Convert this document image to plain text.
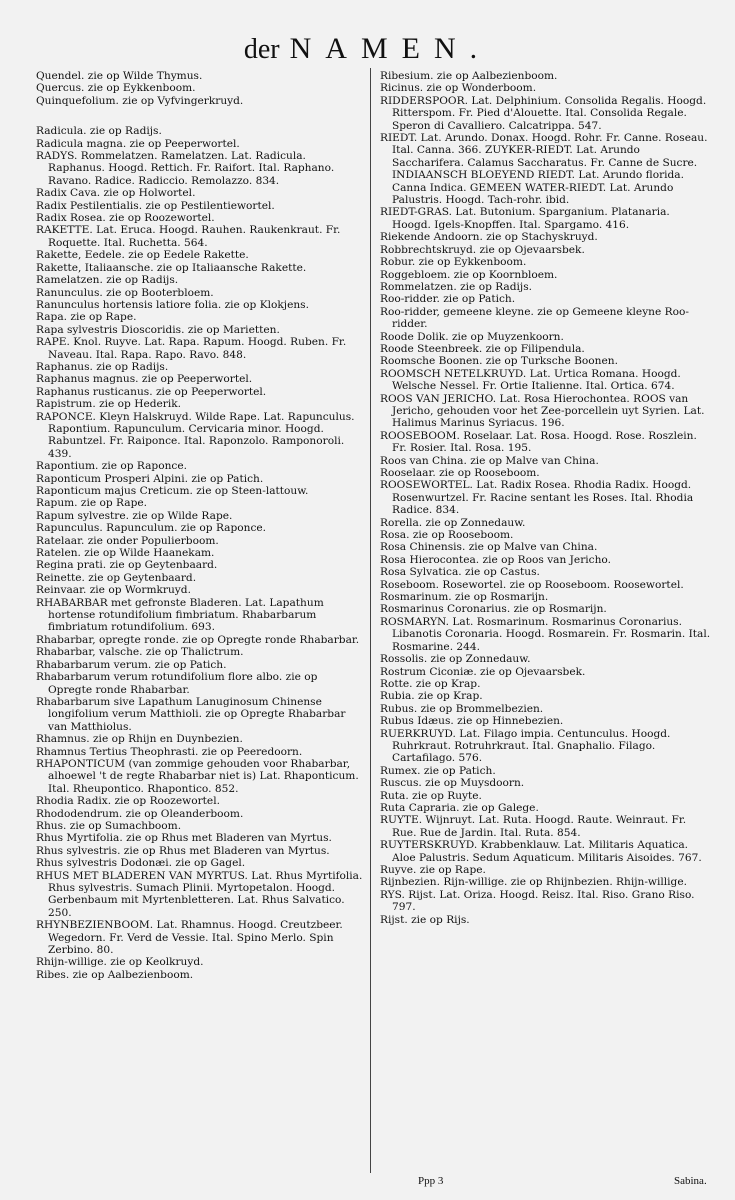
der NAMEN.

Quendel. zie op Wilde Thymus.

Quercus. zie op Eykkenboom.

Quinquefolium. zie op Vyfvingerkruyd.

Radicula. zie op Radijs.

Radicula magna. zie op Peeperwortel.

RADYS. Rommelatzen. Ramelatzen. Lat. Radicula. Raphanus. Hoogd. Rettich. Fr. Raifort. Ital. Raphano. Ravano. Radice. Radiccio. Remolazzo. 834.

Radix Cava. zie op Holwortel.

Radix Pestilentialis. zie op Pestilentiewortel.

Radix Rosea. zie op Roozewortel.

RAKETTE. Lat. Eruca. Hoogd. Rauhen. Raukenkraut. Fr. Roquette. Ital. Ruchetta. 564.

Rakette, Eedele. zie op Eedele Rakette.

Rakette, Italiaansche. zie op Italiaansche Rakette.

Ramelatzen. zie op Radijs.

Ranunculus. zie op Booterbloem.

Ranunculus hortensis latiore folia. zie op Klokjens.

Rapa. zie op Rape.

Rapa sylvestris Dioscoridis. zie op Marietten.

RAPE. Knol. Ruyve. Lat. Rapa. Rapum. Hoogd. Ruben. Fr. Naveau. Ital. Rapa. Rapo. Ravo. 848.

Raphanus. zie op Radijs.

Raphanus magnus. zie op Peeperwortel.

Raphanus rusticanus. zie op Peeperwortel.

Rapistrum. zie op Hederik.

RAPONCE. Kleyn Halskruyd. Wilde Rape. Lat. Rapunculus. Rapontium. Rapunculum. Cervicaria minor. Hoogd. Rabuntzel. Fr. Raiponce. Ital. Raponzolo. Ramponoroli. 439.

Rapontium. zie op Raponce.

Raponticum Prosperi Alpini. zie op Patich.

Raponticum majus Creticum. zie op Steen-lattouw.

Rapum. zie op Rape.

Rapum sylvestre. zie op Wilde Rape.

Rapunculus. Rapunculum. zie op Raponce.

Ratelaar. zie onder Populierboom.

Ratelen. zie op Wilde Haanekam.

Regina prati. zie op Geytenbaard.

Reinette. zie op Geytenbaard.

Reinvaar. zie op Wormkruyd.

RHABARBAR met gefronste Bladeren. Lat. Lapathum hortense rotundifolium fimbriatum. Rhabarbarum fimbriatum rotundifolium. 693.

Rhabarbar, opregte ronde. zie op Opregte ronde Rhabarbar.

Rhabarbar, valsche. zie op Thalictrum.

Rhabarbarum verum. zie op Patich.

Rhabarbarum verum rotundifolium flore albo. zie op Opregte ronde Rhabarbar.

Rhabarbarum sive Lapathum Lanuginosum Chinense longifolium verum Matthioli. zie op Opregte Rhabarbar van Matthiolus.

Rhamnus. zie op Rhijn en Duynbezien.

Rhamnus Tertius Theophrasti. zie op Peeredoorn.

RHAPONTICUM (van zommige gehouden voor Rhabarbar, alhoewel 't de regte Rhabarbar niet is) Lat. Rhaponticum. Ital. Rheupontico. Rhapontico. 852.

Rhodia Radix. zie op Roozewortel.

Rhododendrum. zie op Oleanderboom.

Rhus. zie op Sumachboom.

Rhus Myrtifolia. zie op Rhus met Bladeren van Myrtus.

Rhus sylvestris. zie op Rhus met Bladeren van Myrtus.

Rhus sylvestris Dodonæi. zie op Gagel.

RHUS MET BLADEREN VAN MYRTUS. Lat. Rhus Myrtifolia. Rhus sylvestris. Sumach Plinii. Myrtopetalon. Hoogd. Gerbenbaum mit Myrtenbletteren. Lat. Rhus Salvatico. 250.

RHYNBEZIENBOOM. Lat. Rhamnus. Hoogd. Creutzbeer. Wegedorn. Fr. Verd de Vessie. Ital. Spino Merlo. Spin Zerbino. 80.

Rhijn-willige. zie op Keolkruyd.

Ribes. zie op Aalbezienboom.

Ribesium. zie op Aalbezienboom.

Ricinus. zie op Wonderboom.

RIDDERSPOOR. Lat. Delphinium. Consolida Regalis. Hoogd. Ritterspom. Fr. Pied d'Alouette. Ital. Consolida Regale. Speron di Cavalliero. Calcatrippa. 547.

RIEDT. Lat. Arundo. Donax. Hoogd. Rohr. Fr. Canne. Roseau. Ital. Canna. 366. ZUYKER-RIEDT. Lat. Arundo Saccharifera. Calamus Saccharatus. Fr. Canne de Sucre. INDIAANSCH BLOEYEND RIEDT. Lat. Arundo florida. Canna Indica. GEMEEN WATER-RIEDT. Lat. Arundo Palustris. Hoogd. Tach-rohr. ibid.

RIEDT-GRAS. Lat. Butonium. Sparganium. Platanaria. Hoogd. Igels-Knopffen. Ital. Spargamo. 416.

Riekende Andoorn. zie op Stachyskruyd.

Robbrechtskruyd. zie op Ojevaarsbek.

Robur. zie op Eykkenboom.

Roggebloem. zie op Koornbloem.

Rommelatzen. zie op Radijs.

Roo-ridder. zie op Patich.

Roo-ridder, gemeene kleyne. zie op Gemeene kleyne Roo-ridder.

Roode Dolik. zie op Muyzenkoorn.

Roode Steenbreek. zie op Filipendula.

Roomsche Boonen. zie op Turksche Boonen.

ROOMSCH NETELKRUYD. Lat. Urtica Romana. Hoogd. Welsche Nessel. Fr. Ortie Italienne. Ital. Ortica. 674.

ROOS VAN JERICHO. Lat. Rosa Hierochontea. ROOS van Jericho, gehouden voor het Zee-porcellein uyt Syrien. Lat. Halimus Marinus Syriacus. 196.

ROOSEBOOM. Roselaar. Lat. Rosa. Hoogd. Rose. Roszlein. Fr. Rosier. Ital. Rosa. 195.

Roos van China. zie op Malve van China.

Rooselaar. zie op Rooseboom.

ROOSEWORTEL. Lat. Radix Rosea. Rhodia Radix. Hoogd. Rosenwurtzel. Fr. Racine sentant les Roses. Ital. Rhodia Radice. 834.

Rorella. zie op Zonnedauw.

Rosa. zie op Rooseboom.

Rosa Chinensis. zie op Malve van China.

Rosa Hierocontea. zie op Roos van Jericho.

Rosa Sylvatica. zie op Castus.

Roseboom. Rosewortel. zie op Rooseboom. Roosewortel.

Rosmarinum. zie op Rosmarijn.

Rosmarinus Coronarius. zie op Rosmarijn.

ROSMARYN. Lat. Rosmarinum. Rosmarinus Coronarius. Libanotis Coronaria. Hoogd. Rosmarein. Fr. Rosmarin. Ital. Rosmarine. 244.

Rossolis. zie op Zonnedauw.

Rostrum Ciconiæ. zie op Ojevaarsbek.

Rotte. zie op Krap.

Rubia. zie op Krap.

Rubus. zie op Brommelbezien.

Rubus Idæus. zie op Hinnebezien.

RUERKRUYD. Lat. Filago impia. Centunculus. Hoogd. Ruhrkraut. Rotruhrkraut. Ital. Gnaphalio. Filago. Cartafilago. 576.

Rumex. zie op Patich.

Ruscus. zie op Muysdoorn.

Ruta. zie op Ruyte.

Ruta Capraria. zie op Galege.

RUYTE. Wijnruyt. Lat. Ruta. Hoogd. Raute. Weinraut. Fr. Rue. Rue de Jardin. Ital. Ruta. 854.

RUYTERSKRUYD. Krabbenklauw. Lat. Militaris Aquatica. Aloe Palustris. Sedum Aquaticum. Militaris Aisoides. 767.

Ruyve. zie op Rape.

Rijnbezien. Rijn-willige. zie op Rhijnbezien. Rhijn-willige.

RYS. Rijst. Lat. Oriza. Hoogd. Reisz. Ital. Riso. Grano Riso. 797.

Rijst. zie op Rijs.

Ppp 3	Sabina.
